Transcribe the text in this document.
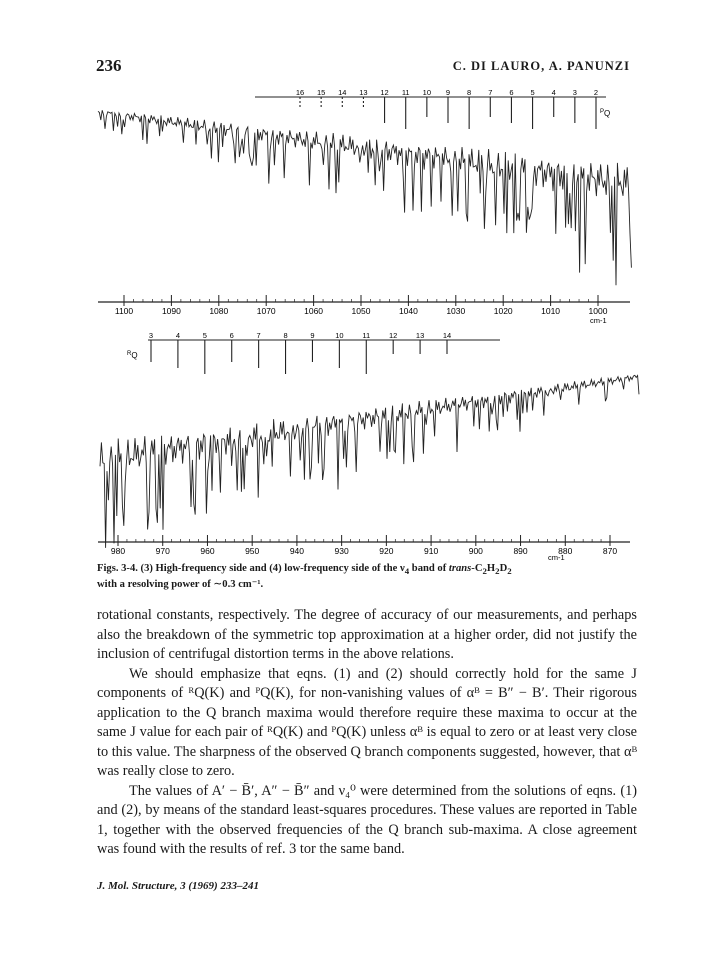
236	C. DI LAURO, A. PANUNZI
16 15 14 13 12 11 10 9 8 7 6 5 4 3 2
$^P$Q
1100	1090	1080	1070	1060	1050	1040	1030	1020	1010	1000
cm-1
3	4	5	6	7	8	9	10	11	12 13 14
$^R$Q
980	970	960	950	940	930	920	910	900	890	880	870
cm-1
Figs. 3-4. (3) High-frequency side and (4) low-frequency side of the $\nu_4$ band of trans-$C_2H_2D_2$
with a resolving power of ∼0.3 cm⁻¹.

rotational constants, respectively. The degree of accuracy of our measurements, and perhaps also the breakdown of the symmetric top approximation at a higher order, did not justify the inclusion of centrifugal distortion terms in the above relations.

We should emphasize that eqns. (1) and (2) should correctly hold for the same J components of ᴿQ(K) and ᴾQ(K), for non-vanishing values of αᴮ = B″ − B′. Their rigorous application to the Q branch maxima would therefore require these maxima to occur at the same J value for each pair of ᴿQ(K) and ᴾQ(K) unless αᴮ is equal to zero or at least very close to this value. The sharpness of the observed Q branch components suggested, however, that αᴮ was really close to zero.

The values of A′ − B̄′, A″ − B̄″ and ν₄⁰ were determined from the solutions of eqns. (1) and (2), by means of the standard least-squares procedures. These values are reported in Table 1, together with the observed frequencies of the Q branch sub-maxima. A close agreement was found with the results of ref. 3 tor the same band.

J. Mol. Structure, 3 (1969) 233–241
